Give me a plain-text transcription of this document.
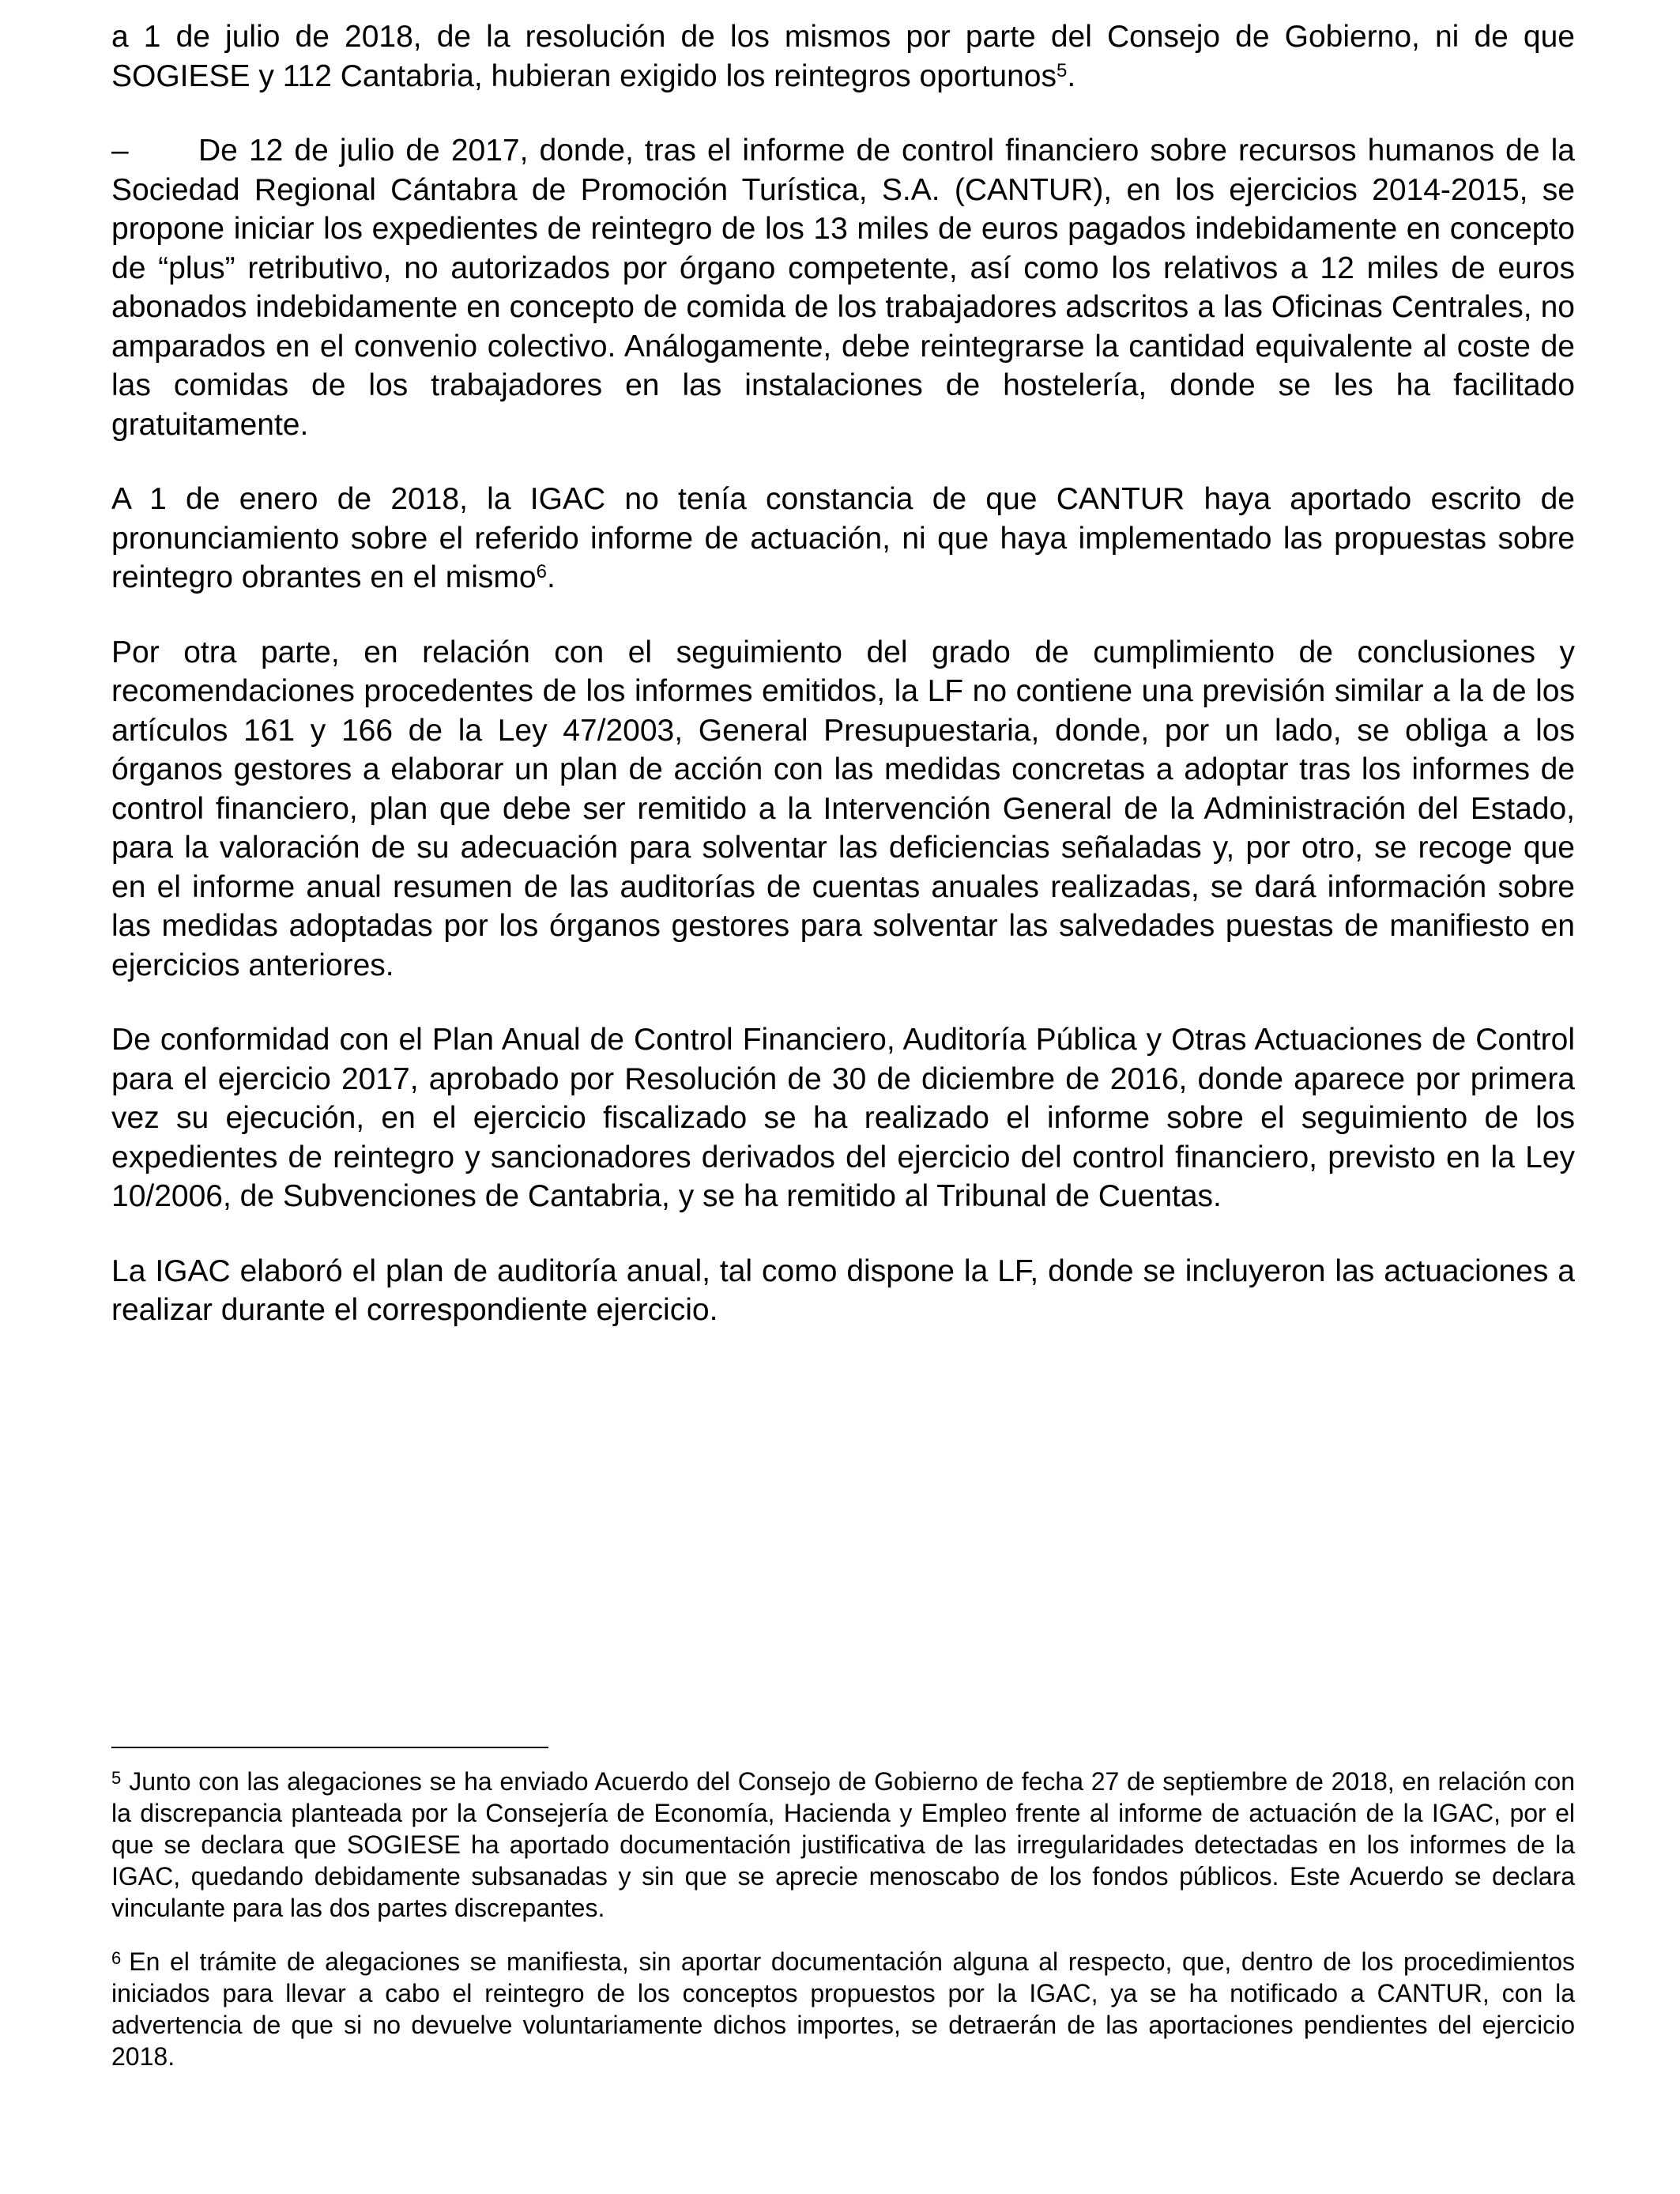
a 1 de julio de 2018, de la resolución de los mismos por parte del Consejo de Gobierno, ni de que SOGIESE y 112 Cantabria, hubieran exigido los reintegros oportunos$^5$.

– De 12 de julio de 2017, donde, tras el informe de control financiero sobre recursos humanos de la Sociedad Regional Cántabra de Promoción Turística, S.A. (CANTUR), en los ejercicios 2014-2015, se propone iniciar los expedientes de reintegro de los 13 miles de euros pagados indebidamente en concepto de “plus” retributivo, no autorizados por órgano competente, así como los relativos a 12 miles de euros abonados indebidamente en concepto de comida de los trabajadores adscritos a las Oficinas Centrales, no amparados en el convenio colectivo. Análogamente, debe reintegrarse la cantidad equivalente al coste de las comidas de los trabajadores en las instalaciones de hostelería, donde se les ha facilitado gratuitamente.

A 1 de enero de 2018, la IGAC no tenía constancia de que CANTUR haya aportado escrito de pronunciamiento sobre el referido informe de actuación, ni que haya implementado las propuestas sobre reintegro obrantes en el mismo$^6$.

Por otra parte, en relación con el seguimiento del grado de cumplimiento de conclusiones y recomendaciones procedentes de los informes emitidos, la LF no contiene una previsión similar a la de los artículos 161 y 166 de la Ley 47/2003, General Presupuestaria, donde, por un lado, se obliga a los órganos gestores a elaborar un plan de acción con las medidas concretas a adoptar tras los informes de control financiero, plan que debe ser remitido a la Intervención General de la Administración del Estado, para la valoración de su adecuación para solventar las deficiencias señaladas y, por otro, se recoge que en el informe anual resumen de las auditorías de cuentas anuales realizadas, se dará información sobre las medidas adoptadas por los órganos gestores para solventar las salvedades puestas de manifiesto en ejercicios anteriores.

De conformidad con el Plan Anual de Control Financiero, Auditoría Pública y Otras Actuaciones de Control para el ejercicio 2017, aprobado por Resolución de 30 de diciembre de 2016, donde aparece por primera vez su ejecución, en el ejercicio fiscalizado se ha realizado el informe sobre el seguimiento de los expedientes de reintegro y sancionadores derivados del ejercicio del control financiero, previsto en la Ley 10/2006, de Subvenciones de Cantabria, y se ha remitido al Tribunal de Cuentas.

La IGAC elaboró el plan de auditoría anual, tal como dispone la LF, donde se incluyeron las actuaciones a realizar durante el correspondiente ejercicio.

$^5$ Junto con las alegaciones se ha enviado Acuerdo del Consejo de Gobierno de fecha 27 de septiembre de 2018, en relación con la discrepancia planteada por la Consejería de Economía, Hacienda y Empleo frente al informe de actuación de la IGAC, por el que se declara que SOGIESE ha aportado documentación justificativa de las irregularidades detectadas en los informes de la IGAC, quedando debidamente subsanadas y sin que se aprecie menoscabo de los fondos públicos. Este Acuerdo se declara vinculante para las dos partes discrepantes.

$^6$ En el trámite de alegaciones se manifiesta, sin aportar documentación alguna al respecto, que, dentro de los procedimientos iniciados para llevar a cabo el reintegro de los conceptos propuestos por la IGAC, ya se ha notificado a CANTUR, con la advertencia de que si no devuelve voluntariamente dichos importes, se detraerán de las aportaciones pendientes del ejercicio 2018.
